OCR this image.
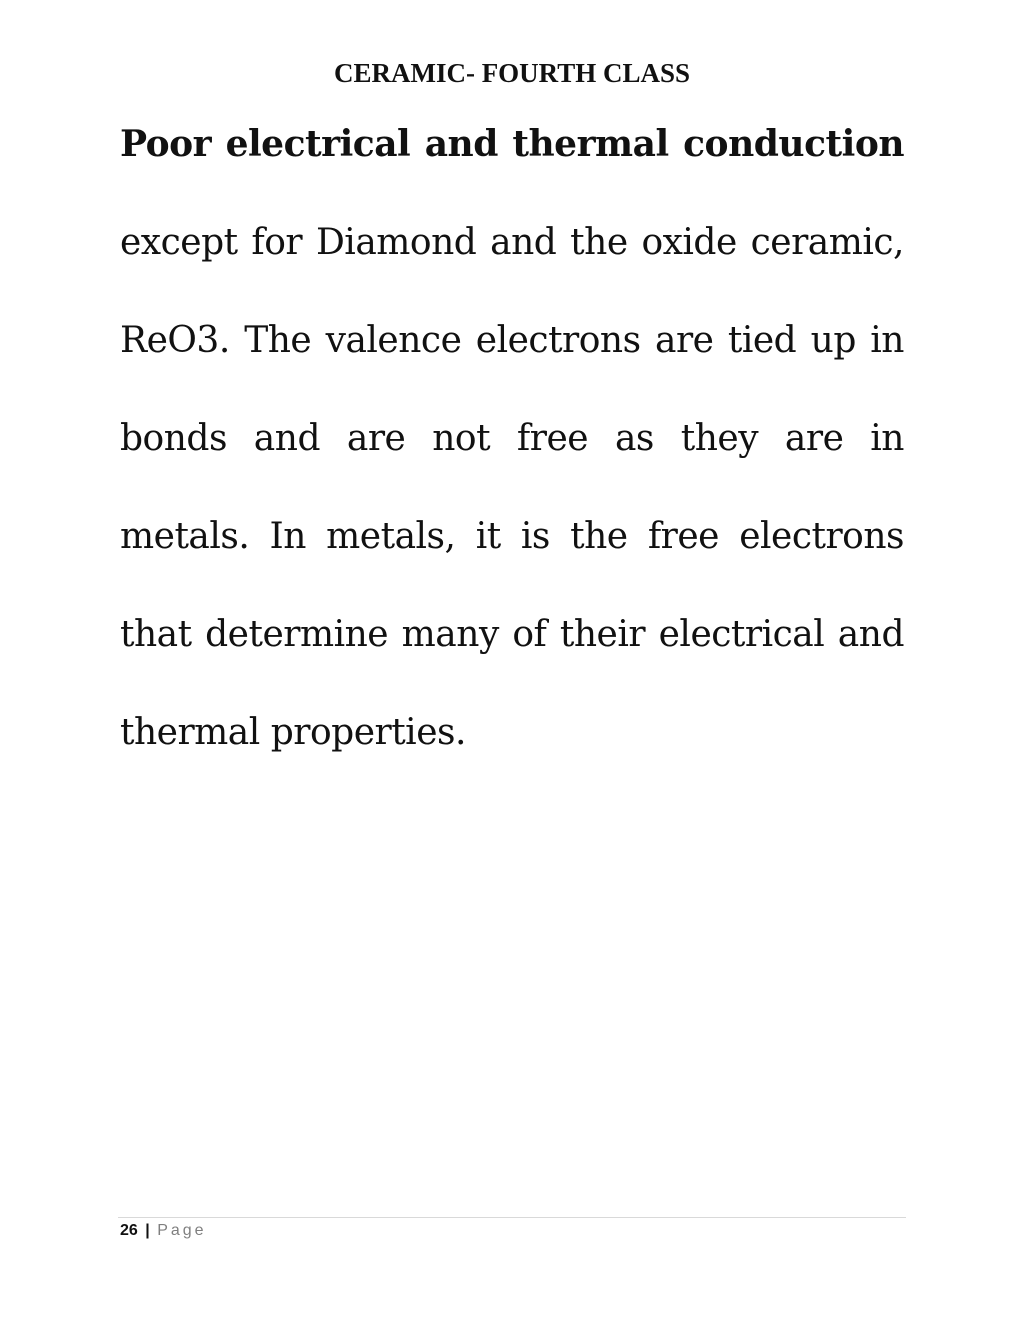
CERAMIC- FOURTH CLASS

Poor electrical and thermal conduction except for Diamond and the oxide ceramic, ReO3. The valence electrons are tied up in bonds and are not free as they are in metals. In metals, it is the free electrons that determine many of their electrical and thermal properties.

26 | Page
